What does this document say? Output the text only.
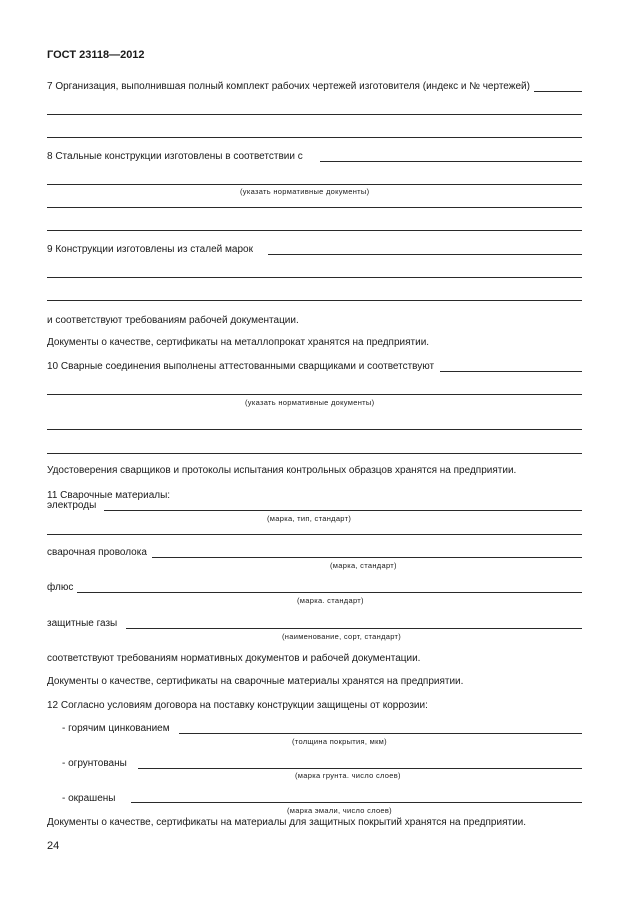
ГОСТ 23118—2012
7 Организация, выполнившая полный комплект рабочих чертежей изготовителя (индекс и № чертежей)
8 Стальные конструкции изготовлены в соответствии с
(указать нормативные документы)
9 Конструкции изготовлены из сталей марок
и соответствуют требованиям рабочей документации.
Документы о качестве, сертификаты на металлопрокат хранятся на предприятии.
10 Сварные соединения выполнены аттестованными сварщиками и соответствуют
(указать нормативные документы)
Удостоверения сварщиков и протоколы испытания контрольных образцов хранятся на предприятии.
11 Сварочные материалы:
электроды
(марка, тип, стандарт)
сварочная проволока
(марка, стандарт)
флюс
(марка. стандарт)
защитные газы
(наименование, сорт, стандарт)
соответствуют требованиям нормативных документов и рабочей документации.
Документы о качестве, сертификаты на сварочные материалы хранятся на предприятии.
12 Согласно условиям договора на поставку конструкции защищены от коррозии:
- горячим цинкованием
(толщина покрытия, мкм)
- огрунтованы
(марка грунта. число слоев)
- окрашены
(марка эмали, число слоев)
Документы о качестве, сертификаты на материалы для защитных покрытий хранятся на предприятии.
24
